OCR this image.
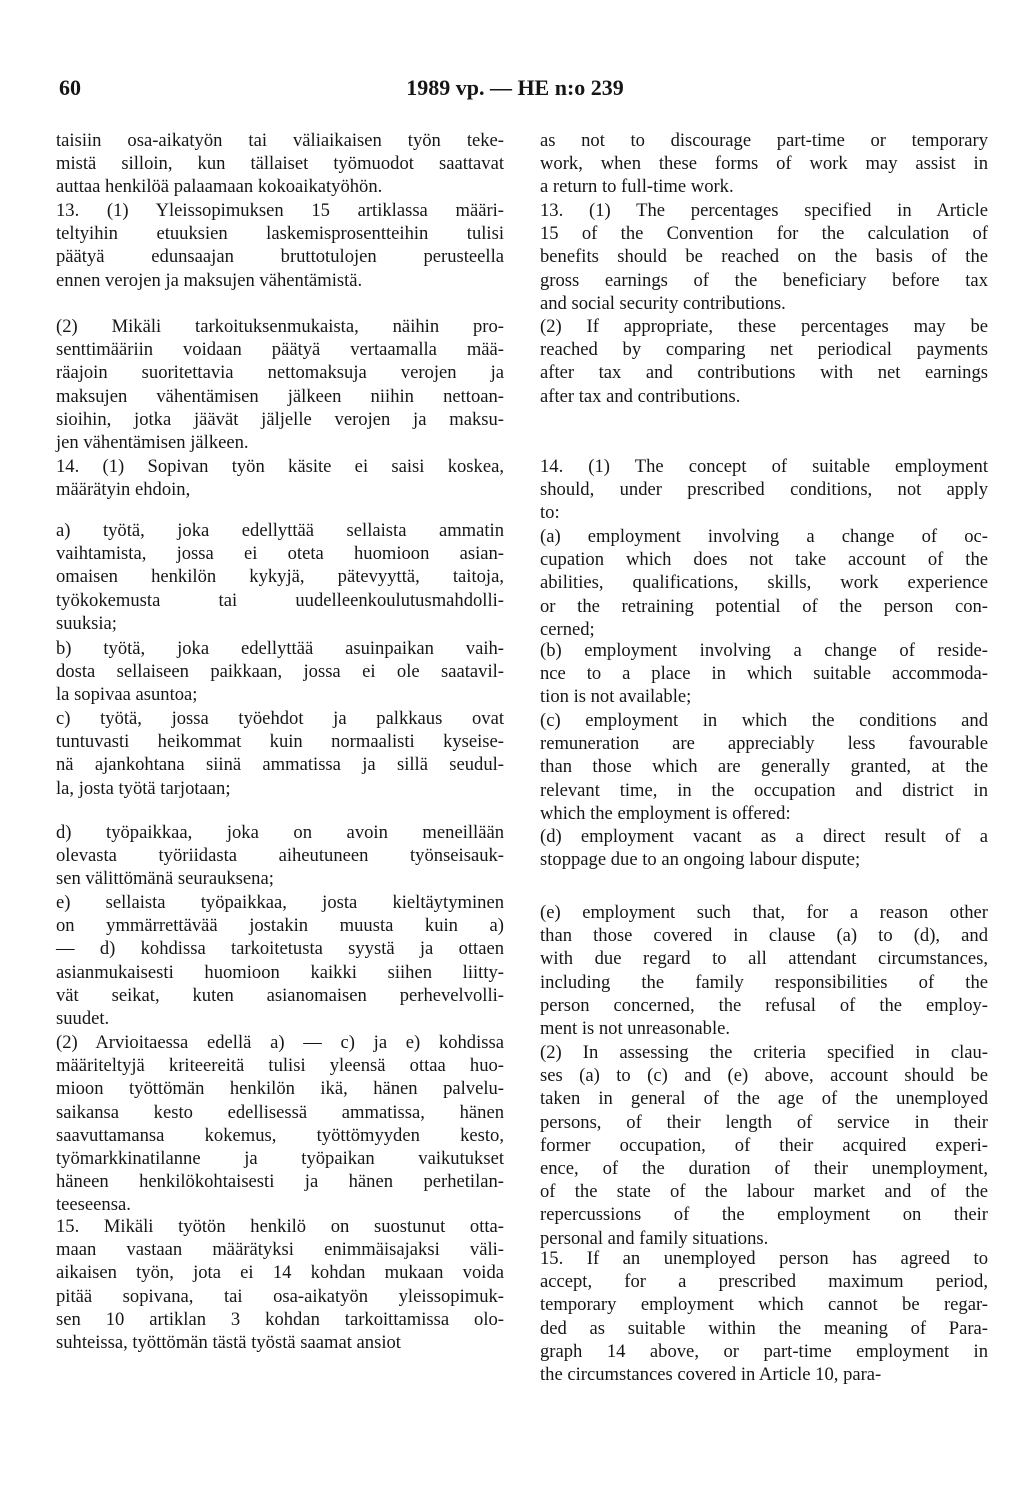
60	1989 vp. — HE n:o 239

taisiin osa-aikatyön tai väliaikaisen työn teke-
mistä silloin, kun tällaiset työmuodot saattavat
auttaa henkilöä palaamaan kokoaikatyöhön.

13. (1) Yleissopimuksen 15 artiklassa määri-
teltyihin etuuksien laskemisprosentteihin tulisi
päätyä edunsaajan bruttotulojen perusteella
ennen verojen ja maksujen vähentämistä.

(2) Mikäli tarkoituksenmukaista, näihin pro-
senttimääriin voidaan päätyä vertaamalla mää-
räajoin suoritettavia nettomaksuja verojen ja
maksujen vähentämisen jälkeen niihin nettoan-
sioihin, jotka jäävät jäljelle verojen ja maksu-
jen vähentämisen jälkeen.

14. (1) Sopivan työn käsite ei saisi koskea,
määrätyin ehdoin,

a) työtä, joka edellyttää sellaista ammatin
vaihtamista, jossa ei oteta huomioon asian-
omaisen henkilön kykyjä, pätevyyttä, taitoja,
työkokemusta tai uudelleenkoulutusmahdolli-
suuksia;

b) työtä, joka edellyttää asuinpaikan vaih-
dosta sellaiseen paikkaan, jossa ei ole saatavil-
la sopivaa asuntoa;

c) työtä, jossa työehdot ja palkkaus ovat
tuntuvasti heikommat kuin normaalisti kyseise-
nä ajankohtana siinä ammatissa ja sillä seudul-
la, josta työtä tarjotaan;

d) työpaikkaa, joka on avoin meneillään
olevasta työriidasta aiheutuneen työnseisauk-
sen välittömänä seurauksena;

e) sellaista työpaikkaa, josta kieltäytyminen
on ymmärrettävää jostakin muusta kuin a)
— d) kohdissa tarkoitetusta syystä ja ottaen
asianmukaisesti huomioon kaikki siihen liitty-
vät seikat, kuten asianomaisen perhevelvolli-
suudet.

(2) Arvioitaessa edellä a) — c) ja e) kohdissa
määriteltyjä kriteereitä tulisi yleensä ottaa huo-
mioon työttömän henkilön ikä, hänen palvelu-
saikansa kesto edellisessä ammatissa, hänen
saavuttamansa kokemus, työttömyyden kesto,
työmarkkinatilanne ja työpaikan vaikutukset
häneen henkilökohtaisesti ja hänen perhetilan-
teeseensa.

15. Mikäli työtön henkilö on suostunut otta-
maan vastaan määrätyksi enimmäisajaksi väli-
aikaisen työn, jota ei 14 kohdan mukaan voida
pitää sopivana, tai osa-aikatyön yleissopimuk-
sen 10 artiklan 3 kohdan tarkoittamissa olo-
suhteissa, työttömän tästä työstä saamat ansiot

as not to discourage part-time or temporary
work, when these forms of work may assist in
a return to full-time work.

13. (1) The percentages specified in Article
15 of the Convention for the calculation of
benefits should be reached on the basis of the
gross earnings of the beneficiary before tax
and social security contributions.

(2) If appropriate, these percentages may be
reached by comparing net periodical payments
after tax and contributions with net earnings
after tax and contributions.

14. (1) The concept of suitable employment
should, under prescribed conditions, not apply
to:

(a) employment involving a change of oc-
cupation which does not take account of the
abilities, qualifications, skills, work experience
or the retraining potential of the person con-
cerned;

(b) employment involving a change of reside-
nce to a place in which suitable accommoda-
tion is not available;

(c) employment in which the conditions and
remuneration are appreciably less favourable
than those which are generally granted, at the
relevant time, in the occupation and district in
which the employment is offered:

(d) employment vacant as a direct result of a
stoppage due to an ongoing labour dispute;

(e) employment such that, for a reason other
than those covered in clause (a) to (d), and
with due regard to all attendant circumstances,
including the family responsibilities of the
person concerned, the refusal of the employ-
ment is not unreasonable.

(2) In assessing the criteria specified in clau-
ses (a) to (c) and (e) above, account should be
taken in general of the age of the unemployed
persons, of their length of service in their
former occupation, of their acquired experi-
ence, of the duration of their unemployment,
of the state of the labour market and of the
repercussions of the employment on their
personal and family situations.

15. If an unemployed person has agreed to
accept, for a prescribed maximum period,
temporary employment which cannot be regar-
ded as suitable within the meaning of Para-
graph 14 above, or part-time employment in
the circumstances covered in Article 10, para-
